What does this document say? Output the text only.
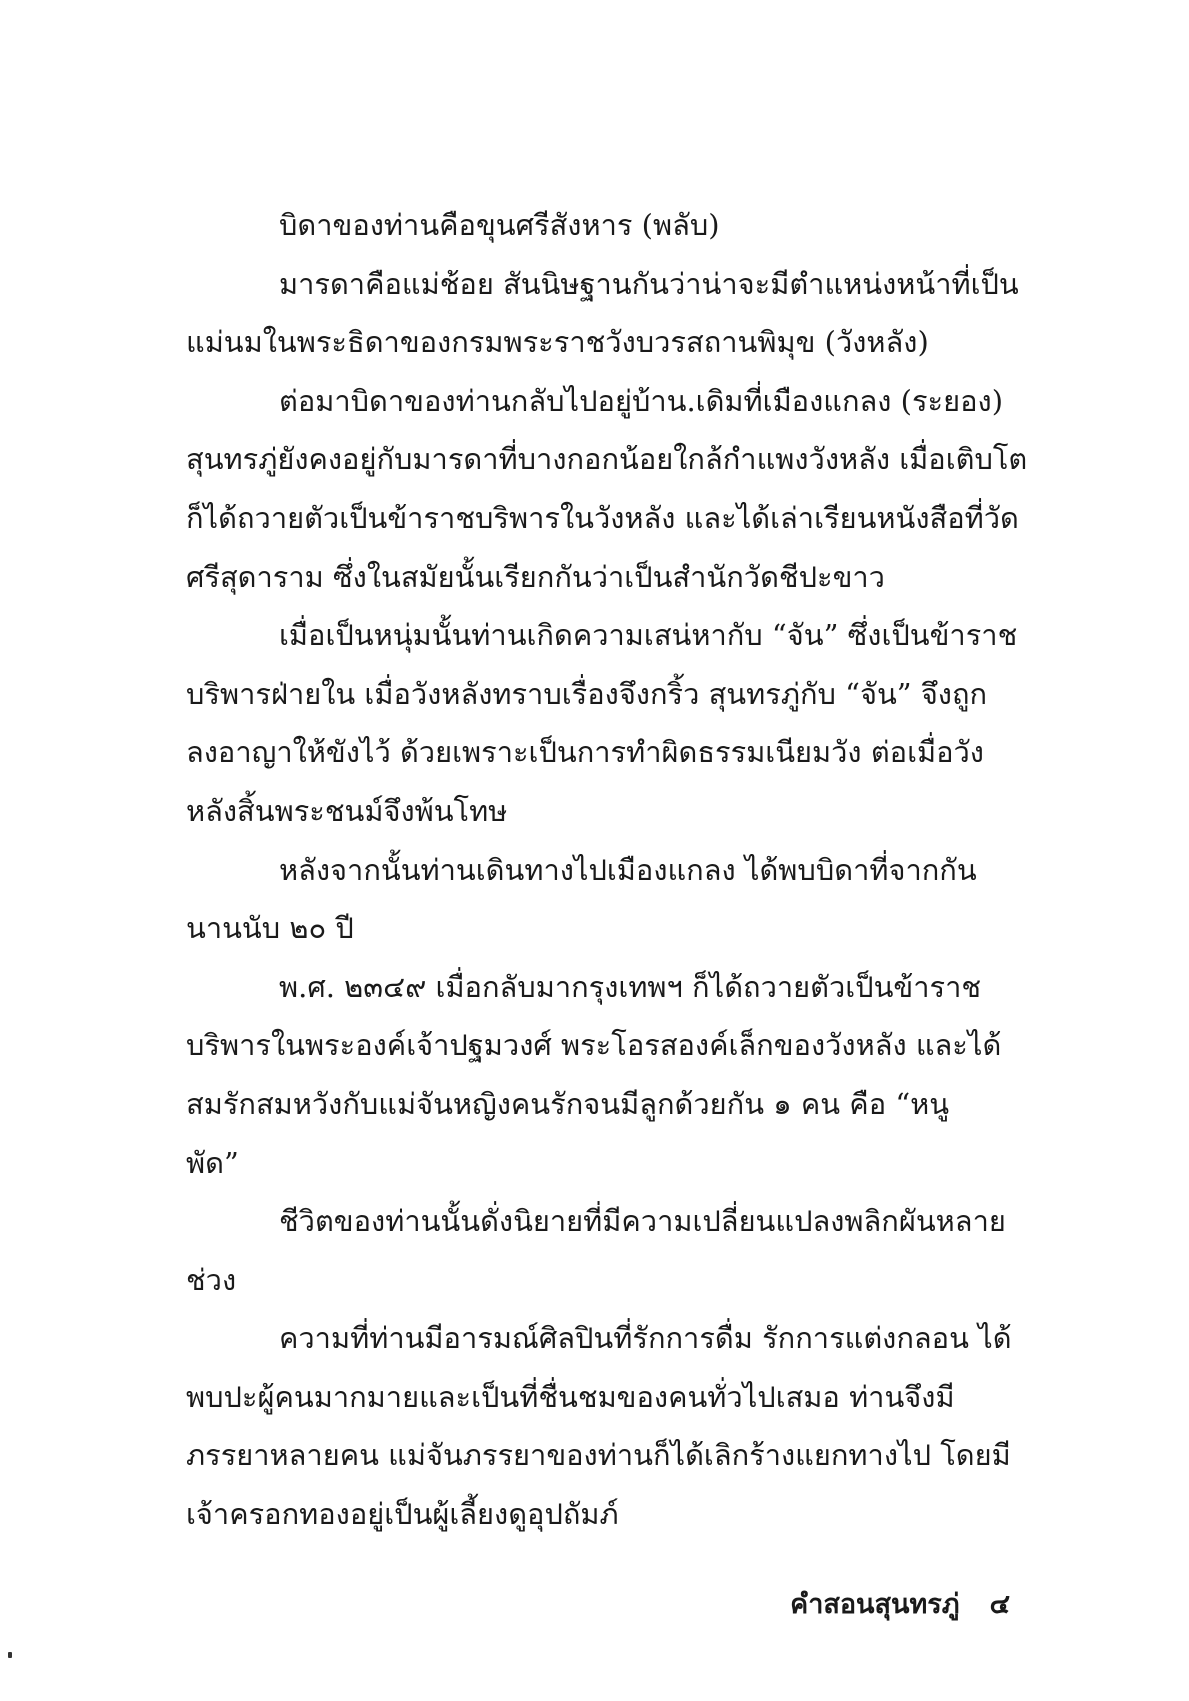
บิดาของท่านคือขุนศรีสังหาร (พลับ)
มารดาคือแม่ช้อย สันนิษฐานกันว่าน่าจะมีตำแหน่งหน้าที่เป็น
แม่นมในพระธิดาของกรมพระราชวังบวรสถานพิมุข (วังหลัง)
ต่อมาบิดาของท่านกลับไปอยู่บ้าน.เดิมที่เมืองแกลง (ระยอง)
สุนทรภู่ยังคงอยู่กับมารดาที่บางกอกน้อยใกล้กำแพงวังหลัง เมื่อเติบโต
ก็ได้ถวายตัวเป็นข้าราชบริพารในวังหลัง และได้เล่าเรียนหนังสือที่วัด
ศรีสุดาราม ซึ่งในสมัยนั้นเรียกกันว่าเป็นสำนักวัดชีปะขาว
เมื่อเป็นหนุ่มนั้นท่านเกิดความเสน่หากับ “จัน” ซึ่งเป็นข้าราช
บริพารฝ่ายใน เมื่อวังหลังทราบเรื่องจึงกริ้ว สุนทรภู่กับ “จัน” จึงถูก
ลงอาญาให้ขังไว้ ด้วยเพราะเป็นการทำผิดธรรมเนียมวัง ต่อเมื่อวัง
หลังสิ้นพระชนม์จึงพ้นโทษ
หลังจากนั้นท่านเดินทางไปเมืองแกลง ได้พบบิดาที่จากกัน
นานนับ ๒๐ ปี
พ.ศ. ๒๓๔๙ เมื่อกลับมากรุงเทพฯ ก็ได้ถวายตัวเป็นข้าราช
บริพารในพระองค์เจ้าปฐมวงศ์ พระโอรสองค์เล็กของวังหลัง และได้
สมรักสมหวังกับแม่จันหญิงคนรักจนมีลูกด้วยกัน ๑ คน คือ “หนู
พัด”
ชีวิตของท่านนั้นดั่งนิยายที่มีความเปลี่ยนแปลงพลิกผันหลาย
ช่วง
ความที่ท่านมีอารมณ์ศิลปินที่รักการดื่ม รักการแต่งกลอน ได้
พบปะผู้คนมากมายและเป็นที่ชื่นชมของคนทั่วไปเสมอ ท่านจึงมี
ภรรยาหลายคน แม่จันภรรยาของท่านก็ได้เลิกร้างแยกทางไป โดยมี
เจ้าครอกทองอยู่เป็นผู้เลี้ยงดูอุปถัมภ์
คำสอนสุนทรภู่ ๔
